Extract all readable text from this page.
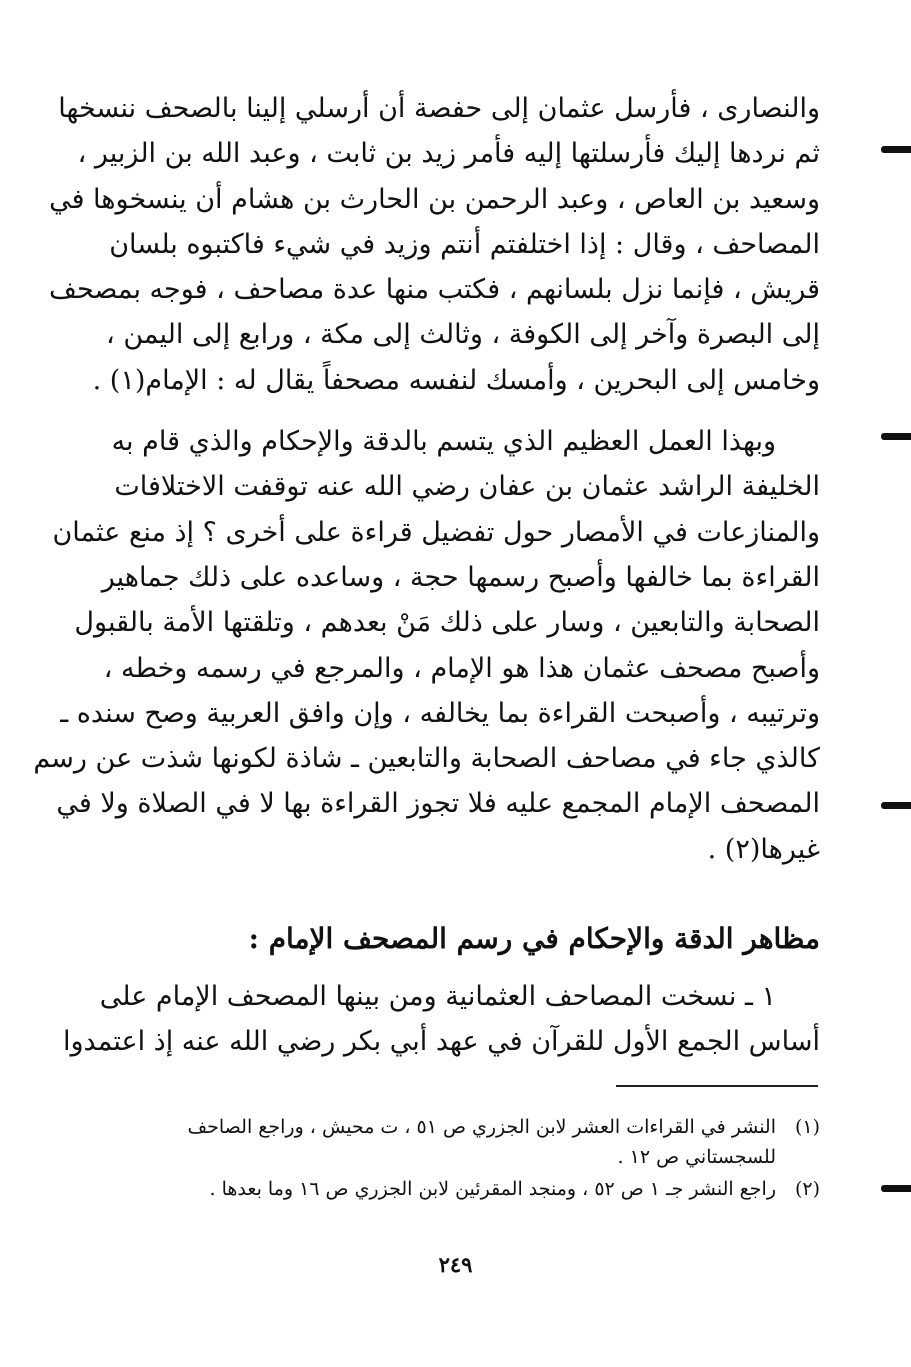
والنصارى ، فأرسل عثمان إلى حفصة أن أرسلي إلينا بالصحف ننسخها
ثم نردها إليك فأرسلتها إليه فأمر زيد بن ثابت ، وعبد الله بن الزبير ،
وسعيد بن العاص ، وعبد الرحمن بن الحارث بن هشام أن ينسخوها في
المصاحف ، وقال : إذا اختلفتم أنتم وزيد في شيء فاكتبوه بلسان
قريش ، فإنما نزل بلسانهم ، فكتب منها عدة مصاحف ، فوجه بمصحف
إلى البصرة وآخر إلى الكوفة ، وثالث إلى مكة ، ورابع إلى اليمن ،
وخامس إلى البحرين ، وأمسك لنفسه مصحفاً يقال له : الإمام(١) .

وبهذا العمل العظيم الذي يتسم بالدقة والإحكام والذي قام به
الخليفة الراشد عثمان بن عفان رضي الله عنه توقفت الاختلافات
والمنازعات في الأمصار حول تفضيل قراءة على أخرى ؟ إذ منع عثمان
القراءة بما خالفها وأصبح رسمها حجة ، وساعده على ذلك جماهير
الصحابة والتابعين ، وسار على ذلك مَنْ بعدهم ، وتلقتها الأمة بالقبول
وأصبح مصحف عثمان هذا هو الإمام ، والمرجع في رسمه وخطه ،
وترتيبه ، وأصبحت القراءة بما يخالفه ، وإن وافق العربية وصح سنده ـ
كالذي جاء في مصاحف الصحابة والتابعين ـ شاذة لكونها شذت عن رسم
المصحف الإمام المجمع عليه فلا تجوز القراءة بها لا في الصلاة ولا في
غيرها(٢) .

مظاهر الدقة والإحكام في رسم المصحف الإمام :

١ ـ نسخت المصاحف العثمانية ومن بينها المصحف الإمام على
أساس الجمع الأول للقرآن في عهد أبي بكر رضي الله عنه إذ اعتمدوا

(١)النشر في القراءات العشر لابن الجزري ص ٥١ ، ت محيش ، وراجع الصاحف
للسجستاني ص ١٢ .
(٢)راجع النشر جـ ١ ص ٥٢ ، ومنجد المقرئين لابن الجزري ص ١٦ وما بعدها .
٢٤٩
